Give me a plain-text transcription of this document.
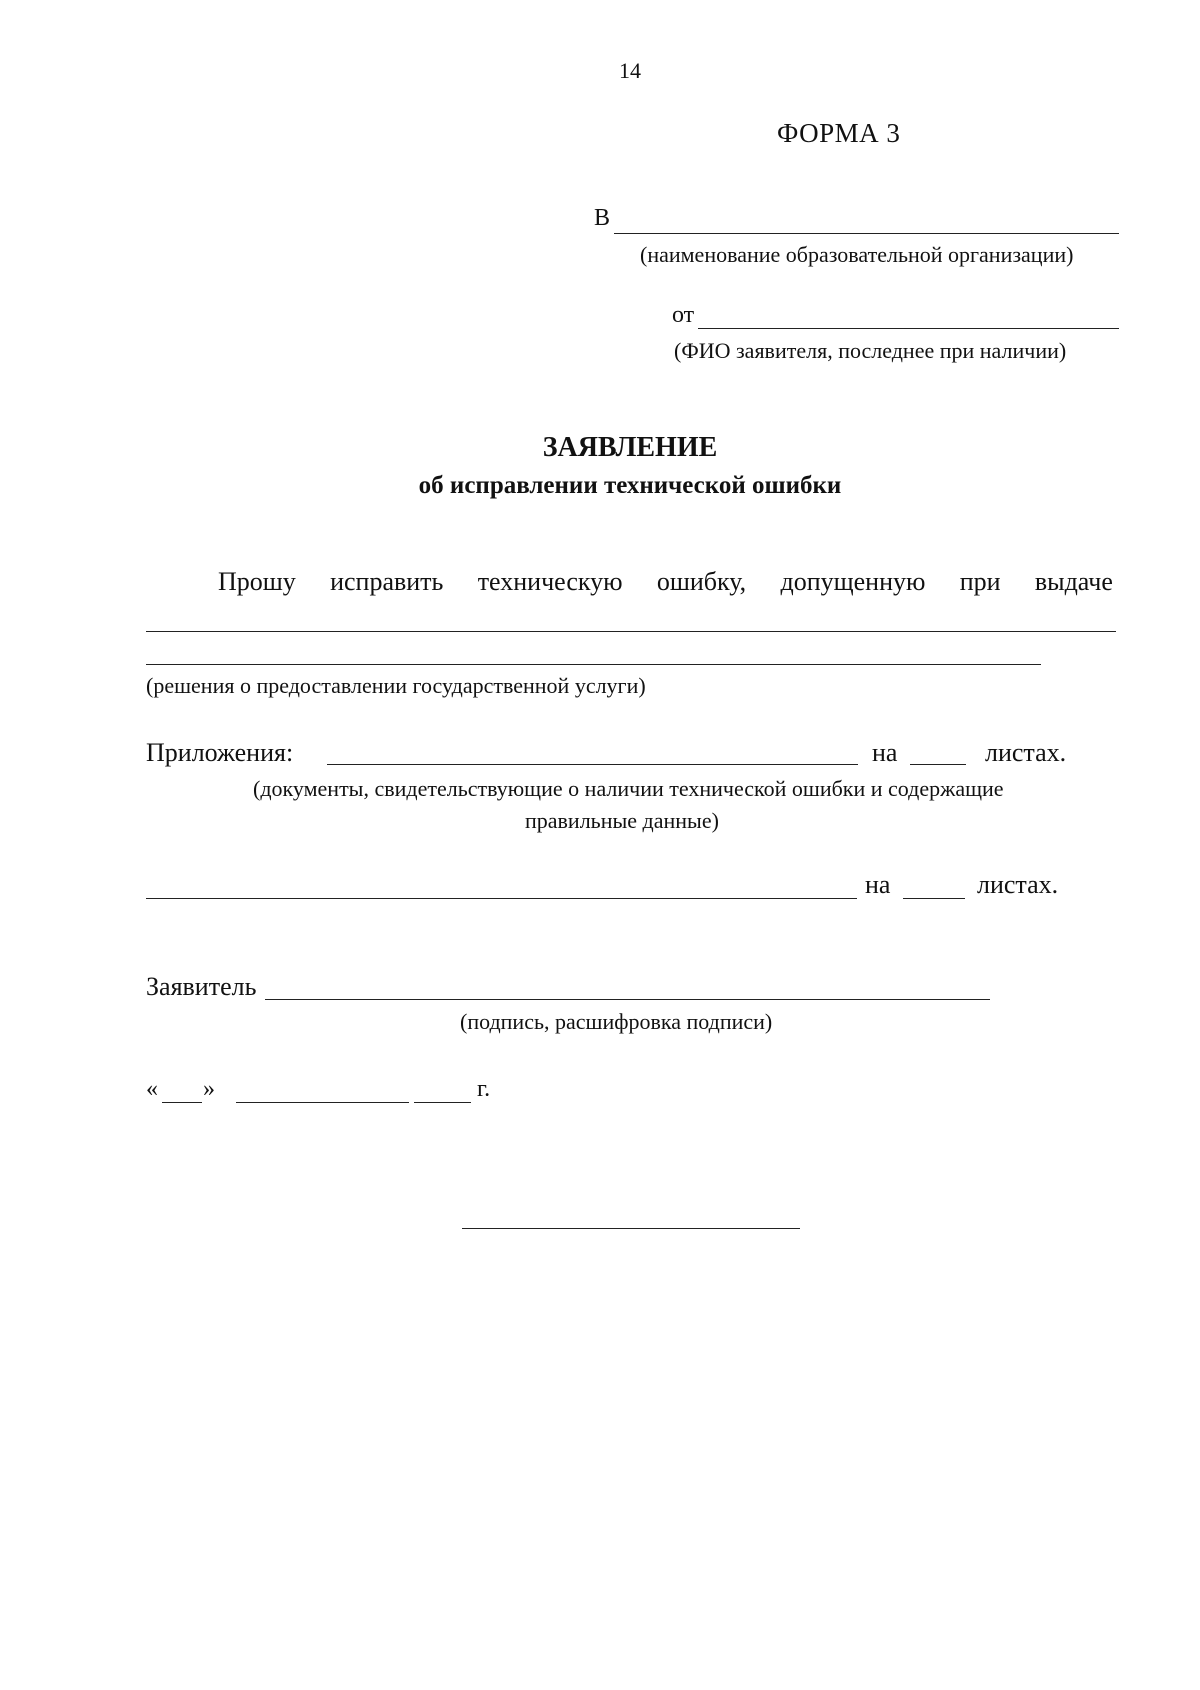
14
ФОРМА 3
В
(наименование образовательной организации)
от
(ФИО заявителя, последнее при наличии)
ЗАЯВЛЕНИЕ
об исправлении технической ошибки
Прошу исправить техническую ошибку, допущенную при выдаче
(решения о предоставлении государственной услуги)
Приложения:	на	листах.
(документы, свидетельствующие о наличии технической ошибки и содержащие
правильные данные)
на	листах.
Заявитель
(подпись, расшифровка подписи)
« »	г.
